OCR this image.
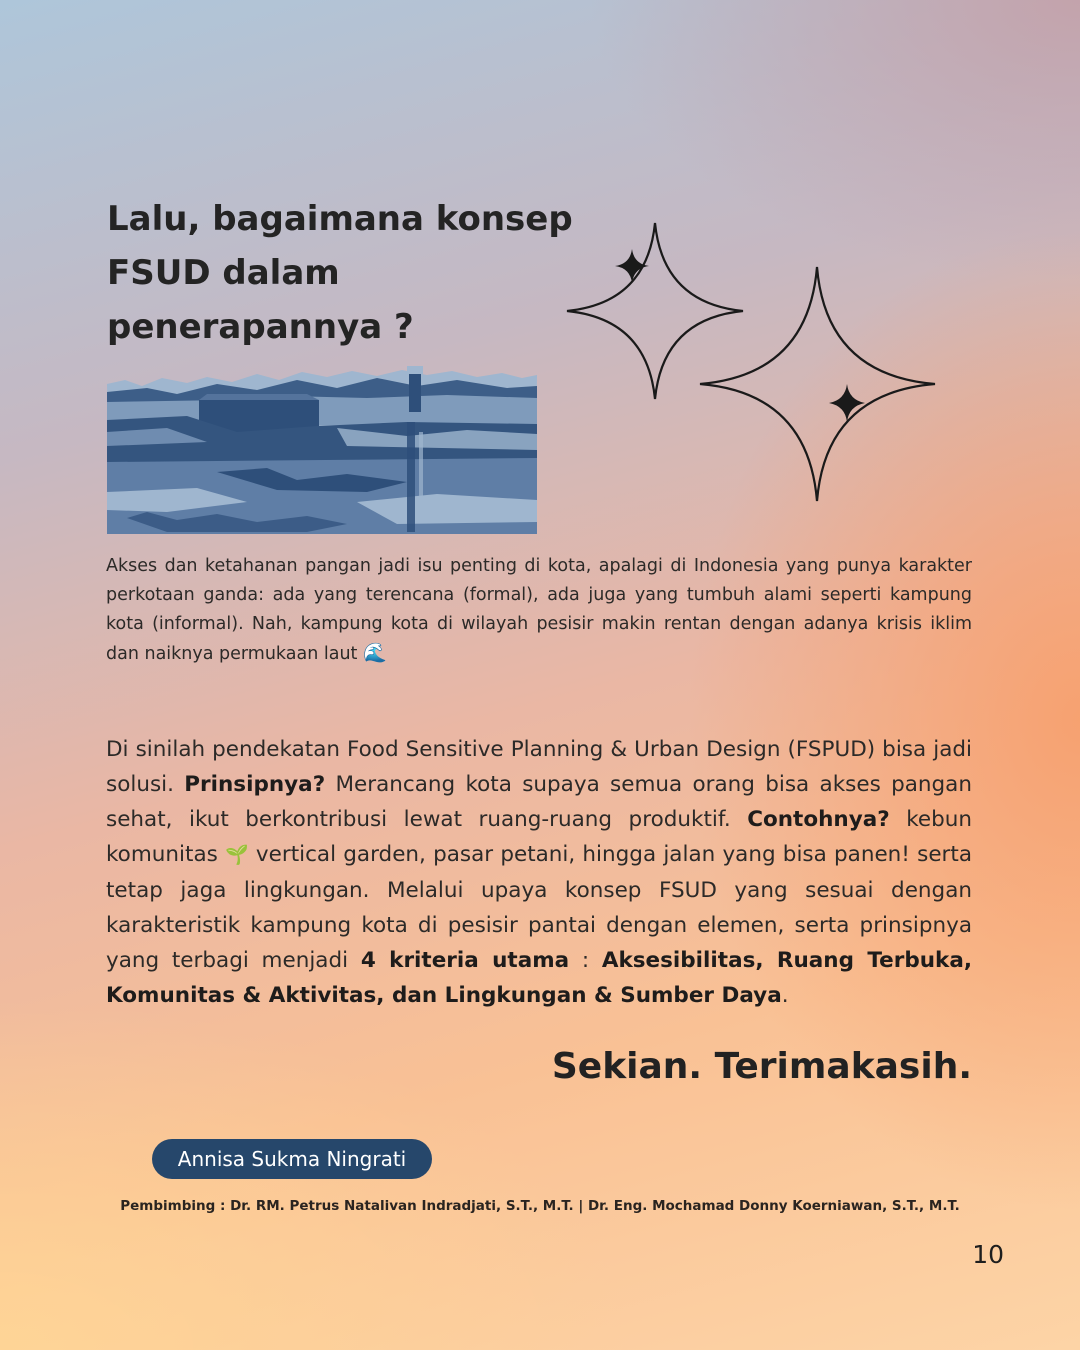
Lalu, bagaimana konsep FSUD dalam penerapannya ?

Akses dan ketahanan pangan jadi isu penting di kota, apalagi di Indonesia yang punya karakter perkotaan ganda: ada yang terencana (formal), ada juga yang tumbuh alami seperti kampung kota (informal). Nah, kampung kota di wilayah pesisir makin rentan dengan adanya krisis iklim dan naiknya permukaan laut 🌊

Di sinilah pendekatan Food Sensitive Planning & Urban Design (FSPUD) bisa jadi solusi. Prinsipnya? Merancang kota supaya semua orang bisa akses pangan sehat, ikut berkontribusi lewat ruang-ruang produktif. Contohnya? kebun komunitas 🌱 vertical garden, pasar petani, hingga jalan yang bisa panen! serta tetap jaga lingkungan. Melalui upaya konsep FSUD yang sesuai dengan karakteristik kampung kota di pesisir pantai dengan elemen, serta prinsipnya yang terbagi menjadi 4 kriteria utama : Aksesibilitas, Ruang Terbuka, Komunitas & Aktivitas, dan Lingkungan & Sumber Daya.

Sekian. Terimakasih.

Annisa Sukma Ningrati

Pembimbing : Dr. RM. Petrus Natalivan Indradjati, S.T., M.T. | Dr. Eng. Mochamad Donny Koerniawan, S.T., M.T.

10
